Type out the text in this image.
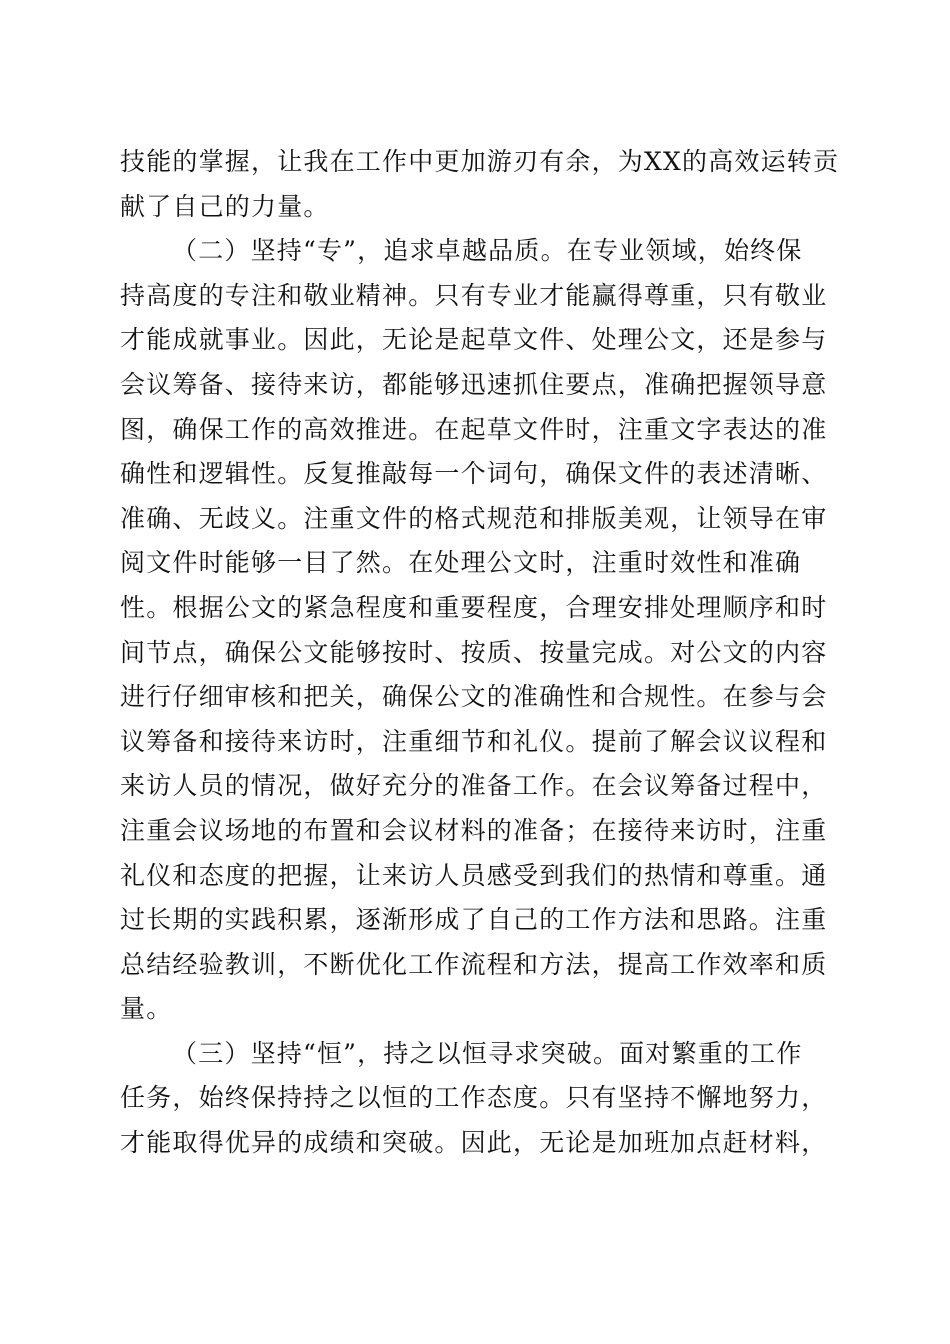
技能的掌握，让我在工作中更加游刃有余，为XX的高效运转贡
献了自己的力量。
（二）坚持“专”，追求卓越品质。在专业领域，始终保
持高度的专注和敬业精神。只有专业才能赢得尊重，只有敬业
才能成就事业。因此，无论是起草文件、处理公文，还是参与
会议筹备、接待来访，都能够迅速抓住要点，准确把握领导意
图，确保工作的高效推进。在起草文件时，注重文字表达的准
确性和逻辑性。反复推敲每一个词句，确保文件的表述清晰、
准确、无歧义。注重文件的格式规范和排版美观，让领导在审
阅文件时能够一目了然。在处理公文时，注重时效性和准确
性。根据公文的紧急程度和重要程度，合理安排处理顺序和时
间节点，确保公文能够按时、按质、按量完成。对公文的内容
进行仔细审核和把关，确保公文的准确性和合规性。在参与会
议筹备和接待来访时，注重细节和礼仪。提前了解会议议程和
来访人员的情况，做好充分的准备工作。在会议筹备过程中，
注重会议场地的布置和会议材料的准备；在接待来访时，注重
礼仪和态度的把握，让来访人员感受到我们的热情和尊重。通
过长期的实践积累，逐渐形成了自己的工作方法和思路。注重
总结经验教训，不断优化工作流程和方法，提高工作效率和质
量。
（三）坚持“恒”，持之以恒寻求突破。面对繁重的工作
任务，始终保持持之以恒的工作态度。只有坚持不懈地努力，
才能取得优异的成绩和突破。因此，无论是加班加点赶材料，
